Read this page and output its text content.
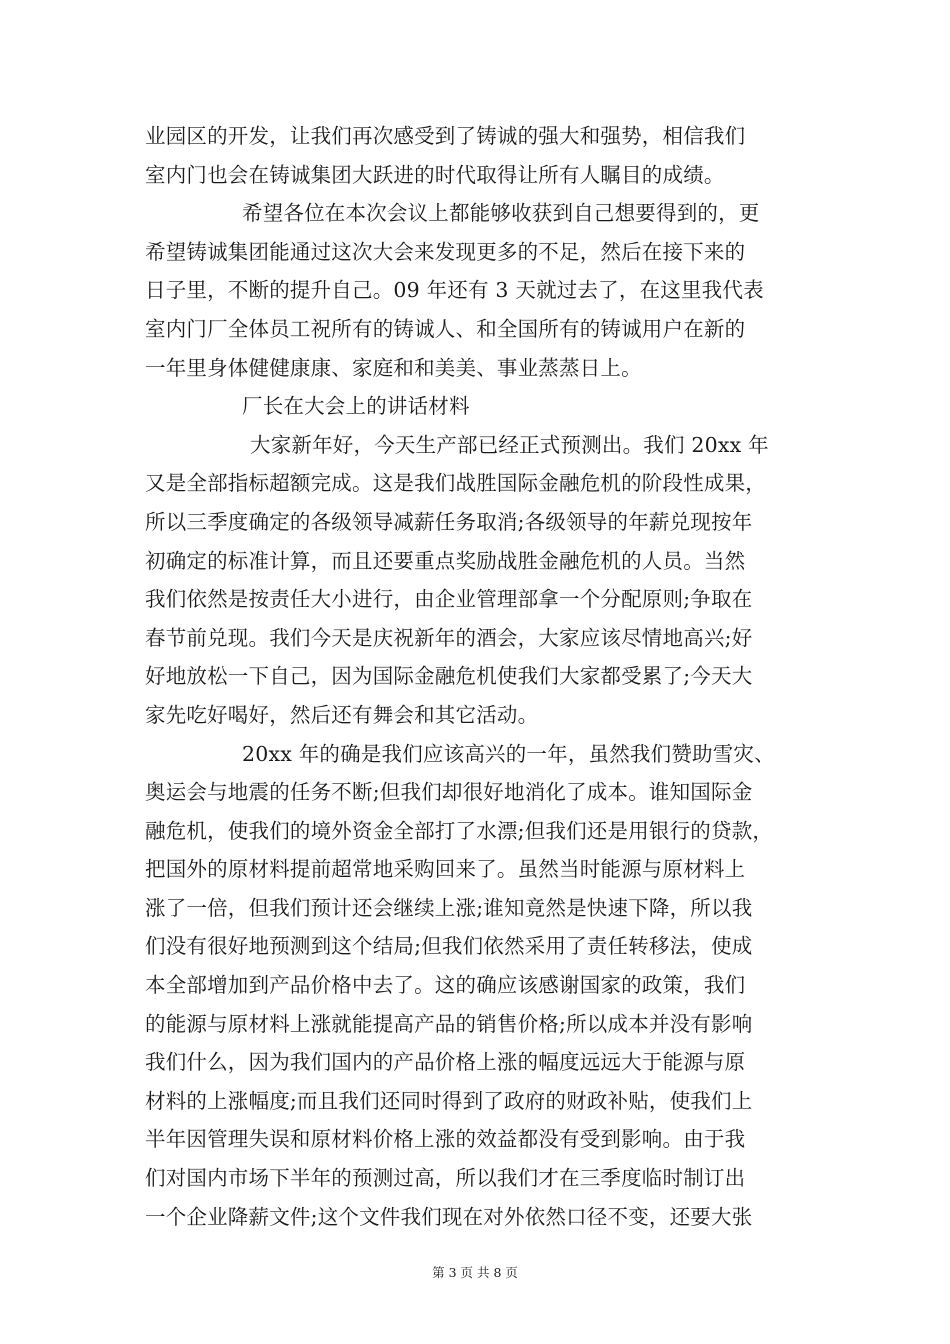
业园区的开发，让我们再次感受到了铸诚的强大和强势，相信我们
室内门也会在铸诚集团大跃进的时代取得让所有人瞩目的成绩。
希望各位在本次会议上都能够收获到自己想要得到的，更
希望铸诚集团能通过这次大会来发现更多的不足，然后在接下来的
日子里，不断的提升自己。09 年还有 3 天就过去了，在这里我代表
室内门厂全体员工祝所有的铸诚人、和全国所有的铸诚用户在新的
一年里身体健健康康、家庭和和美美、事业蒸蒸日上。
厂长在大会上的讲话材料
大家新年好，今天生产部已经正式预测出。我们 20xx 年
又是全部指标超额完成。这是我们战胜国际金融危机的阶段性成果，
所以三季度确定的各级领导减薪任务取消;各级领导的年薪兑现按年
初确定的标准计算，而且还要重点奖励战胜金融危机的人员。当然
我们依然是按责任大小进行，由企业管理部拿一个分配原则;争取在
春节前兑现。我们今天是庆祝新年的酒会，大家应该尽情地高兴;好
好地放松一下自己，因为国际金融危机使我们大家都受累了;今天大
家先吃好喝好，然后还有舞会和其它活动。
20xx 年的确是我们应该高兴的一年，虽然我们赞助雪灾、
奥运会与地震的任务不断;但我们却很好地消化了成本。谁知国际金
融危机，使我们的境外资金全部打了水漂;但我们还是用银行的贷款，
把国外的原材料提前超常地采购回来了。虽然当时能源与原材料上
涨了一倍，但我们预计还会继续上涨;谁知竟然是快速下降，所以我
们没有很好地预测到这个结局;但我们依然采用了责任转移法，使成
本全部增加到产品价格中去了。这的确应该感谢国家的政策，我们
的能源与原材料上涨就能提高产品的销售价格;所以成本并没有影响
我们什么，因为我们国内的产品价格上涨的幅度远远大于能源与原
材料的上涨幅度;而且我们还同时得到了政府的财政补贴，使我们上
半年因管理失误和原材料价格上涨的效益都没有受到影响。由于我
们对国内市场下半年的预测过高，所以我们才在三季度临时制订出
一个企业降薪文件;这个文件我们现在对外依然口径不变，还要大张
第 3 页 共 8 页
